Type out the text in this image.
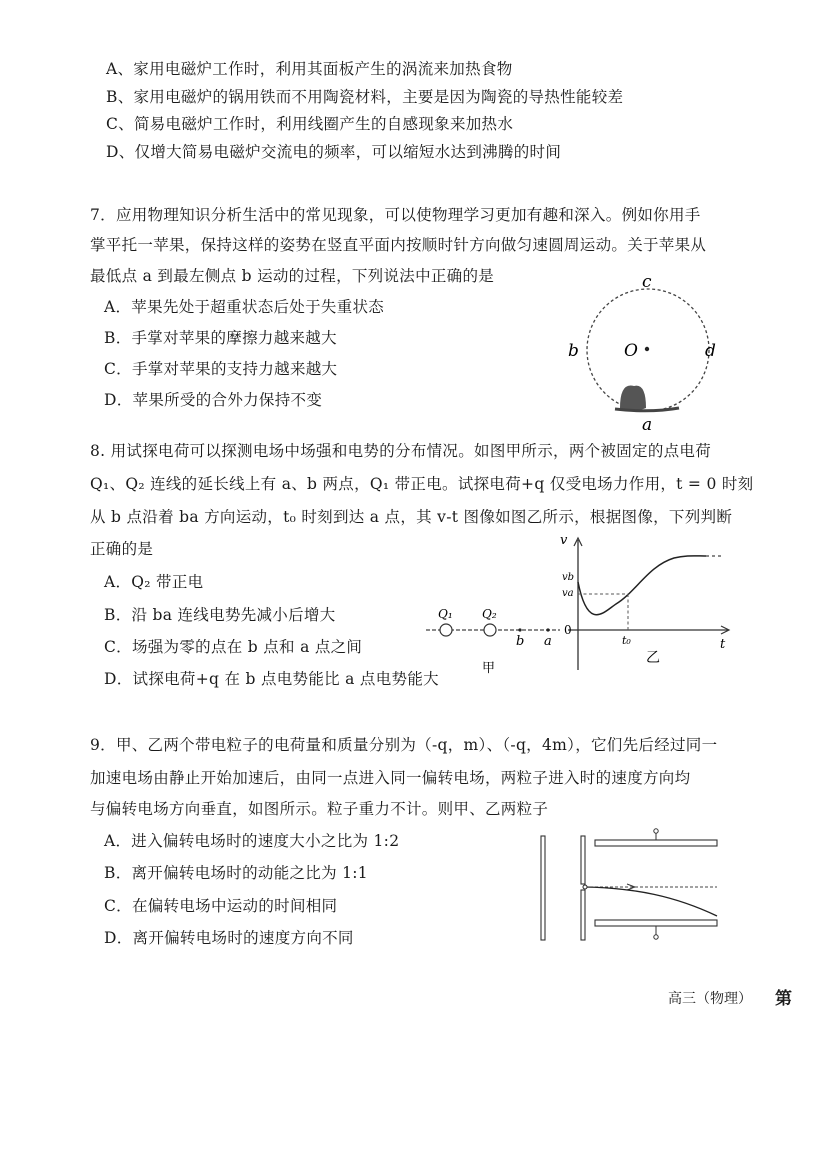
A、家用电磁炉工作时，利用其面板产生的涡流来加热食物
B、家用电磁炉的锅用铁而不用陶瓷材料，主要是因为陶瓷的导热性能较差
C、简易电磁炉工作时，利用线圈产生的自感现象来加热水
D、仅增大简易电磁炉交流电的频率，可以缩短水达到沸腾的时间
7．应用物理知识分析生活中的常见现象，可以使物理学习更加有趣和深入。例如你用手
掌平托一苹果，保持这样的姿势在竖直平面内按顺时针方向做匀速圆周运动。关于苹果从
最低点 a 到最左侧点 b 运动的过程，下列说法中正确的是
A．苹果先处于超重状态后处于失重状态
B．手掌对苹果的摩擦力越来越大
C．手掌对苹果的支持力越来越大
D．苹果所受的合外力保持不变
c
b	d
a
O
8. 用试探电荷可以探测电场中场强和电势的分布情况。如图甲所示，两个被固定的点电荷
Q₁、Q₂ 连线的延长线上有 a、b 两点，Q₁ 带正电。试探电荷+q 仅受电场力作用，t = 0 时刻
从 b 点沿着 ba 方向运动，t₀ 时刻到达 a 点，其 v-t 图像如图乙所示，根据图像，下列判断
正确的是
A．Q₂ 带正电
B．沿 ba 连线电势先减小后增大
C．场强为零的点在 b 点和 a 点之间
D．试探电荷+q 在 b 点电势能比 a 点电势能大
Q₁ Q₂
b a
甲
v
t
0
vb
va
t₀
乙
9．甲、乙两个带电粒子的电荷量和质量分别为（-q，m）、（-q，4m），它们先后经过同一
加速电场由静止开始加速后，由同一点进入同一偏转电场，两粒子进入时的速度方向均
与偏转电场方向垂直，如图所示。粒子重力不计。则甲、乙两粒子
A．进入偏转电场时的速度大小之比为 1:2
B．离开偏转电场时的动能之比为 1:1
C．在偏转电场中运动的时间相同
D．离开偏转电场时的速度方向不同
高三（物理） 第
